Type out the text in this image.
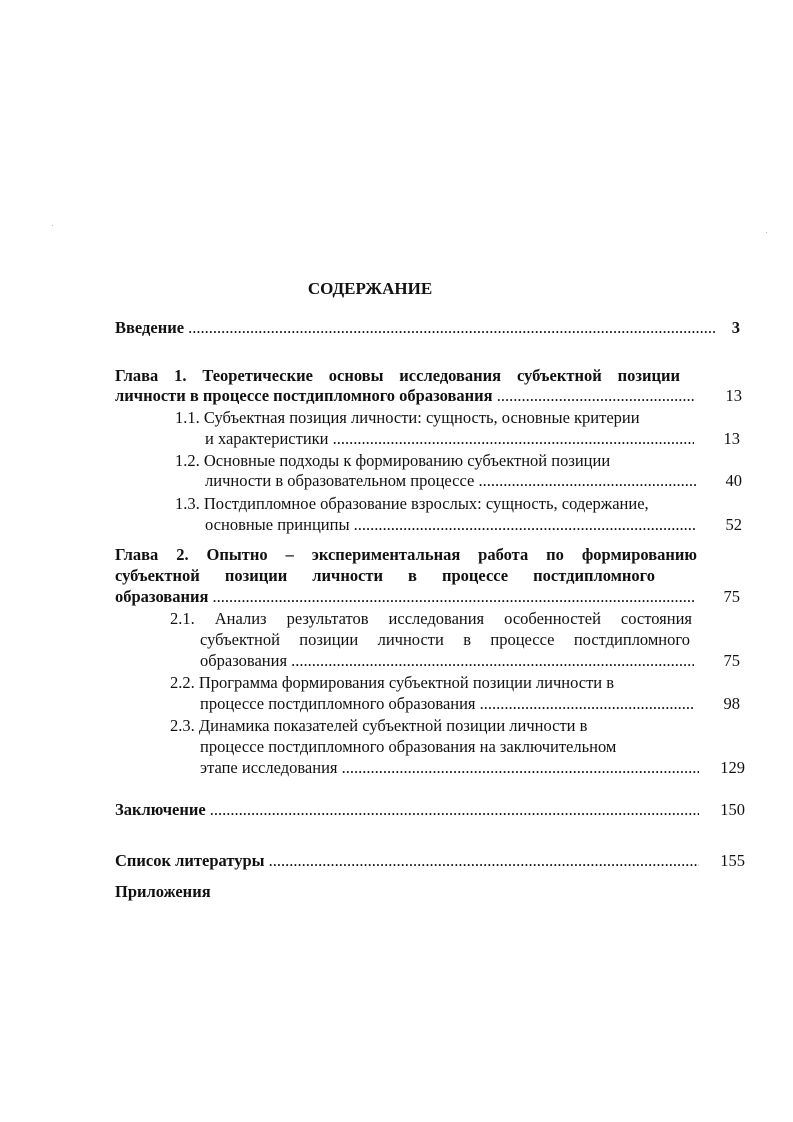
СОДЕРЖАНИЕ
Введение .....	3
Глава 1. Теоретические основы исследования субъектной позиции
личности в процессе постдипломного образования .....	13
1.1. Субъектная позиция личности: сущность, основные критерии
и характеристики .....	13
1.2. Основные подходы к формированию субъектной позиции
личности в образовательном процессе .....	40
1.3. Постдипломное образование взрослых: сущность, содержание,
основные принципы .....	52
Глава 2. Опытно – экспериментальная работа по формированию
субъектной позиции личности в процессе постдипломного
образования .....	75
2.1. Анализ результатов исследования особенностей состояния
субъектной позиции личности в процессе постдипломного
образования .....	75
2.2. Программа формирования субъектной позиции личности в
процессе постдипломного образования .....	98
2.3. Динамика показателей субъектной позиции личности в
процессе постдипломного образования на заключительном
этапе исследования .....	129
Заключение .....	150
Список литературы .....	155
Приложения
